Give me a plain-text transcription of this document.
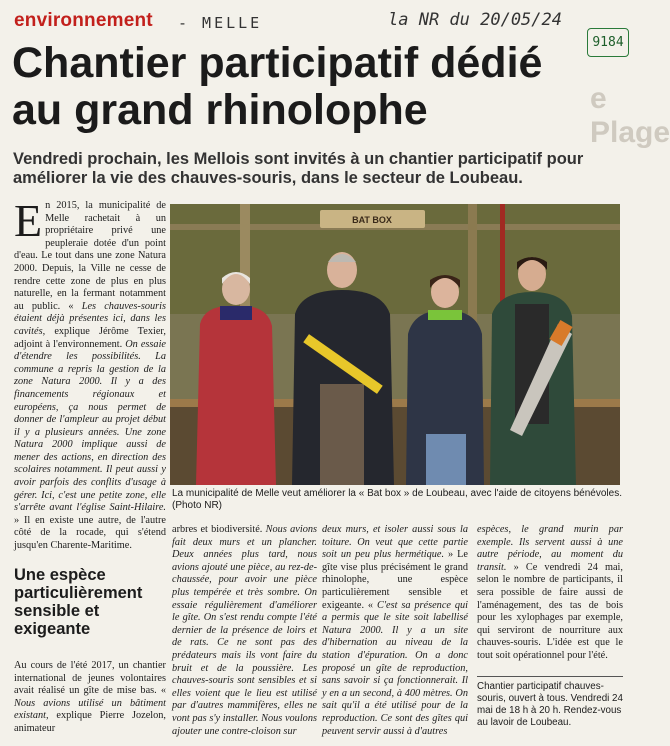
environnement - MELLE	la NR du 20/05/24
9184
e Plage
Chantier participatif dédié au grand rhinolophe
Vendredi prochain, les Mellois sont invités à un chantier participatif pour améliorer la vie des chauves-souris, dans le secteur de Loubeau.
E n 2015, la municipalité de Melle rachetait à un propriétaire privé une peupleraie dotée d'un point d'eau. Le tout dans une zone Natura 2000. Depuis, la Ville ne cesse de rendre cette zone de plus en plus naturelle, en la fermant notamment au public. « Les chauves-souris étaient déjà présentes ici, dans les cavités, explique Jérôme Texier, adjoint à l'environnement. On essaie d'étendre les possibilités. La commune a repris la gestion de la zone Natura 2000. Il y a des financements régionaux et européens, ça nous permet de donner de l'ampleur au projet début il y a plusieurs années. Une zone Natura 2000 implique aussi de mener des actions, en direction des scolaires notamment. Il peut aussi y avoir parfois des conflits d'usage à gérer. Ici, c'est une petite zone, elle s'arrête avant l'église Saint-Hilaire. » Il en existe une autre, de l'autre côté de la rocade, qui s'étend jusqu'en Charente-Maritime.
Une espèce particulièrement sensible et exigeante
Au cours de l'été 2017, un chantier international de jeunes volontaires avait réalisé un gîte de mise bas. « Nous avions utilisé un bâtiment existant, explique Pierre Jozelon, animateur
BAT BOX
La municipalité de Melle veut améliorer la « Bat box » de Loubeau, avec l'aide de citoyens bénévoles. (Photo NR)
arbres et biodiversité. Nous avions fait deux murs et un plancher. Deux années plus tard, nous avions ajouté une pièce, au rez-de-chaussée, pour avoir une pièce plus tempérée et très sombre. On essaie régulièrement d'améliorer le gîte. On s'est rendu compte l'été dernier de la présence de loirs et de rats. Ce ne sont pas des prédateurs mais ils vont faire du bruit et de la poussière. Les chauves-souris sont sensibles et si elles voient que le lieu est utilisé par d'autres mammifères, elles ne vont pas s'y installer. Nous voulons ajouter une contre-cloison sur
deux murs, et isoler aussi sous la toiture. On veut que cette partie soit un peu plus hermétique. » Le gîte vise plus précisément le grand rhinolophe, une espèce particulièrement sensible et exigeante. « C'est sa présence qui a permis que le site soit labellisé Natura 2000. Il y a un site d'hibernation au niveau de la station d'épuration. On a donc proposé un gîte de reproduction, sans savoir si ça fonctionnerait. Il y en a un second, à 400 mètres. On sait qu'il a été utilisé pour de la reproduction. Ce sont des gîtes qui peuvent servir aussi à d'autres
espèces, le grand murin par exemple. Ils servent aussi à une autre période, au moment du transit. » Ce vendredi 24 mai, selon le nombre de participants, il sera possible de faire aussi de l'aménagement, des tas de bois pour les xylophages par exemple, qui serviront de nourriture aux chauves-souris. L'idée est que le tout soit opérationnel pour l'été.
Chantier participatif chauves-souris, ouvert à tous. Vendredi 24 mai de 18 h à 20 h. Rendez-vous au lavoir de Loubeau.
